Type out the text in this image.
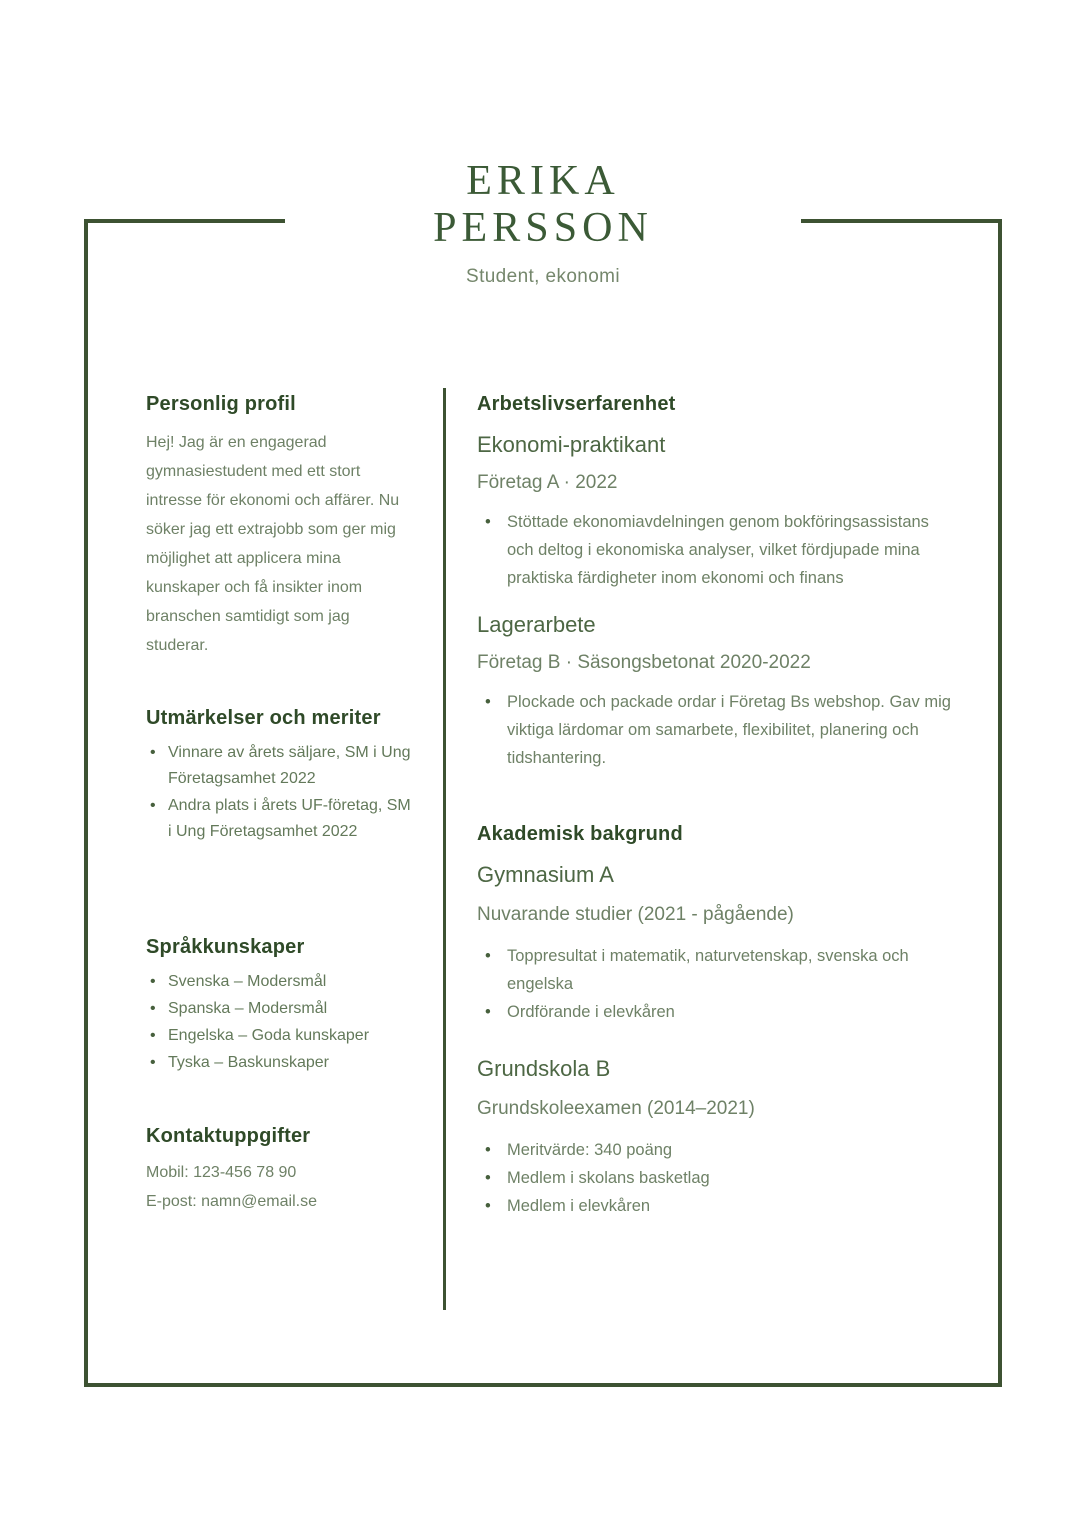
ERIKA
PERSSON
Student, ekonomi
Personlig profil

Hej! Jag är en engagerad gymnasiestudent med ett stort intresse för ekonomi och affärer. Nu söker jag ett extrajobb som ger mig möjlighet att applicera mina kunskaper och få insikter inom branschen samtidigt som jag studerar.

Utmärkelser och meriter
• Vinnare av årets säljare, SM i Ung Företagsamhet 2022
• Andra plats i årets UF-företag, SM i Ung Företagsamhet 2022
Språkkunskaper
• Svenska – Modersmål
• Spanska – Modersmål
• Engelska – Goda kunskaper
• Tyska – Baskunskaper
Kontaktuppgifter
Mobil: 123-456 78 90
E-post: namn@email.se
Arbetslivserfarenhet
Ekonomi-praktikant
Företag A · 2022
• Stöttade ekonomiavdelningen genom bokföringsassistans och deltog i ekonomiska analyser, vilket fördjupade mina praktiska färdigheter inom ekonomi och finans
Lagerarbete
Företag B · Säsongsbetonat 2020-2022
• Plockade och packade ordar i Företag Bs webshop. Gav mig viktiga lärdomar om samarbete, flexibilitet, planering och tidshantering.
Akademisk bakgrund
Gymnasium A
Nuvarande studier (2021 - pågående)
• Toppresultat i matematik, naturvetenskap, svenska och engelska
• Ordförande i elevkåren
Grundskola B
Grundskoleexamen (2014–2021)
• Meritvärde: 340 poäng
• Medlem i skolans basketlag
• Medlem i elevkåren
